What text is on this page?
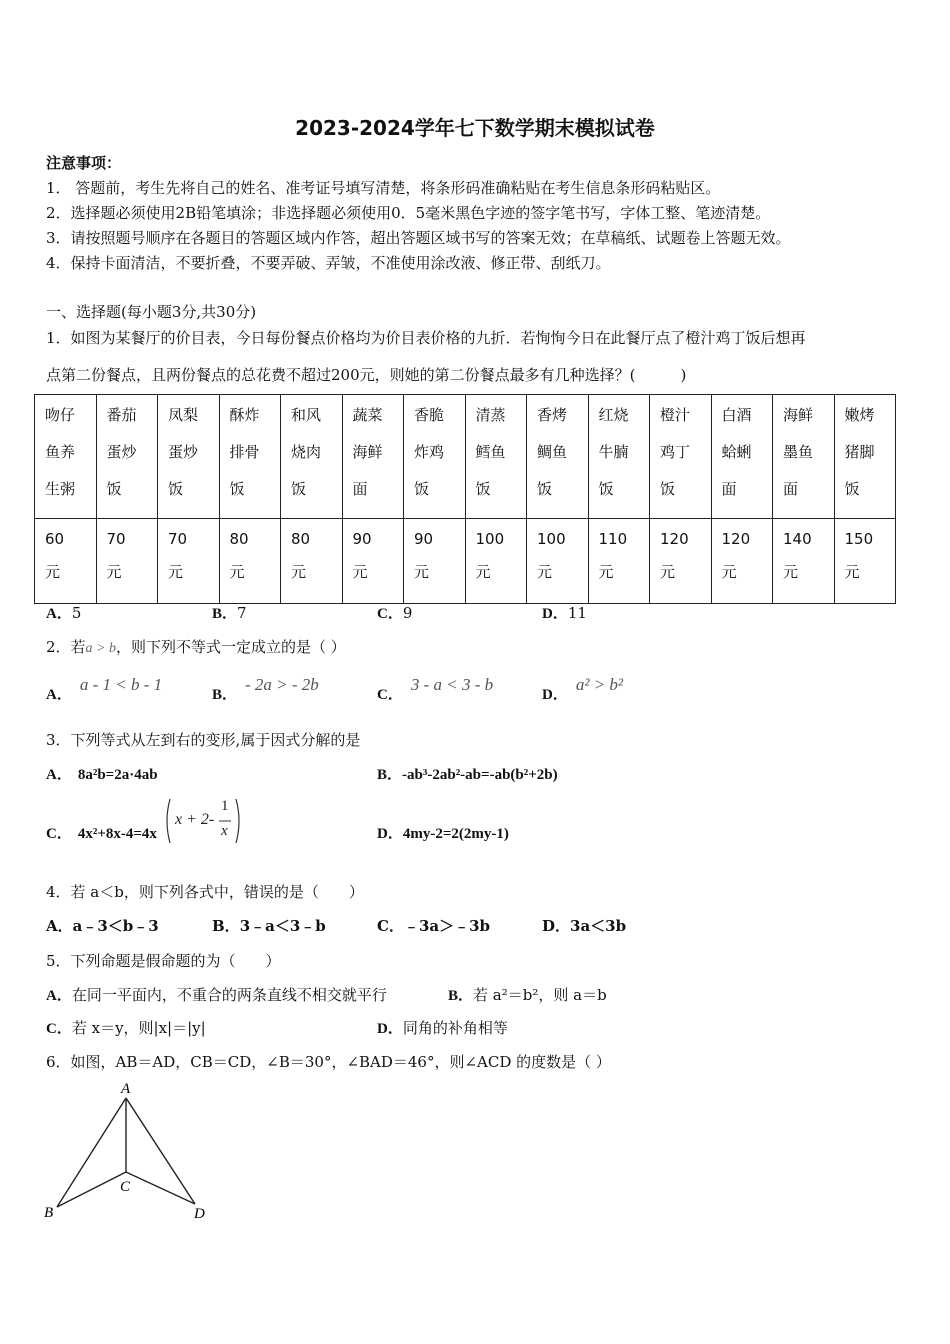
2023-2024学年七下数学期末模拟试卷
注意事项：
1． 答题前，考生先将自己的姓名、准考证号填写清楚，将条形码准确粘贴在考生信息条形码粘贴区。
2．选择题必须使用2B铅笔填涂；非选择题必须使用0．5毫米黑色字迹的签字笔书写，字体工整、笔迹清楚。
3．请按照题号顺序在各题目的答题区域内作答，超出答题区域书写的答案无效；在草稿纸、试题卷上答题无效。
4．保持卡面清洁，不要折叠，不要弄破、弄皱，不准使用涂改液、修正带、刮纸刀。
一、选择题(每小题3分,共30分)
1．如图为某餐厅的价目表，今日每份餐点价格均为价目表价格的九折．若恂恂今日在此餐厅点了橙汁鸡丁饭后想再
点第二份餐点，且两份餐点的总花费不超过200元，则她的第二份餐点最多有几种选择？(　　　)
吻仔
鱼养
生粥	番茄
蛋炒
饭	凤梨
蛋炒
饭	酥炸
排骨
饭	和风
烧肉
饭	蔬菜
海鲜
面	香脆
炸鸡
饭	清蒸
鳕鱼
饭	香烤
鲷鱼
饭	红烧
牛腩
饭	橙汁
鸡丁
饭	白酒
蛤蜊
面	海鲜
墨鱼
面	嫩烤
猪脚
饭

60
元	70
元	70
元	80
元	80
元	90
元	90
元	100
元	100
元	110
元	120
元	120
元	140
元	150
元
A．5	B．7	C．9	D．11
2．若a > b，则下列不等式一定成立的是（ ）
A．a - 1 < b - 1
B．- 2a > - 2b
C．3 - a < 3 - b
D．a² > b²
3．下列等式从左到右的变形,属于因式分解的是
A． 8a²b=2a·4ab	B．-ab³-2ab²-ab=-ab(b²+2b)
C． 4x²+8x-4=4x
x + 2-
1
x	D．4my-2=2(2my-1)
4．若 a＜b，则下列各式中，错误的是（　　）
A．a﹣3＜b﹣3	B．3﹣a＜3﹣b	C．﹣3a＞﹣3b	D．3a＜3b
5．下列命题是假命题的为（　　）
A．在同一平面内，不重合的两条直线不相交就平行	B．若 a²＝b²，则 a＝b
C．若 x＝y，则|x|＝|y|	D．同角的补角相等
6．如图，AB＝AD，CB＝CD，∠B＝30°，∠BAD＝46°，则∠ACD 的度数是（ ）
A
B
C
D
